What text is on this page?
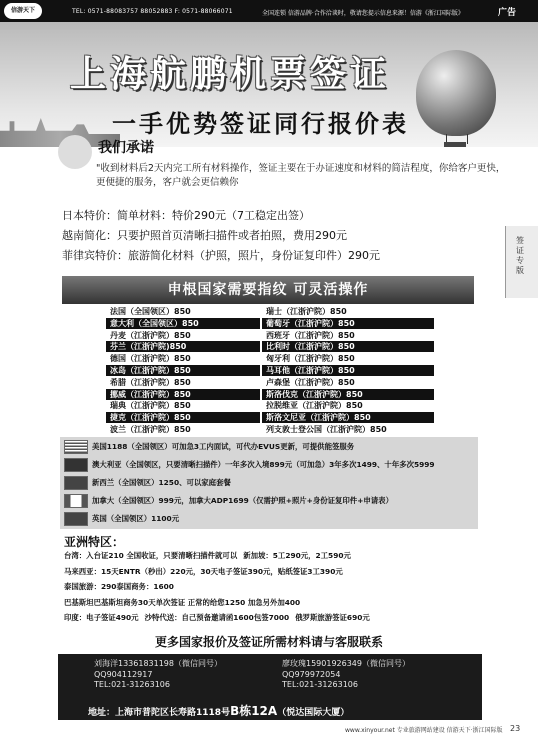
信游天下	TEL: 0571-88083757 88052883 F: 0571-88066071	全国连锁 信游品牌·合作洽谈时，敬请您提示信息来源！信游《浙江国际版》	广告
上海航鹏机票签证
一手优势签证同行报价表
我们承诺
"收到材料后2天内完工所有材料操作，签证主要在于办证速度和材料的简洁程度，你给客户更快，更便捷的服务，客户就会更信赖你
日本特价：简单材料：特价290元（7工稳定出签）
越南简化：只要护照首页清晰扫描件或者拍照，费用290元
菲律宾特价：旅游简化材料（护照，照片，身份证复印件）290元
签证专版
申根国家需要指纹 可灵活操作
法国（全国领区）850	瑞士（江浙沪院）850
意大利（全国领区）850	葡萄牙（江浙沪院）850
丹麦（江浙沪院）850	西班牙（江浙沪院）850
芬兰（江浙沪院)850	比利时（江浙沪院）850
德国（江浙沪院）850	匈牙利（江浙沪院）850
冰岛（江浙沪院）850	马耳他（江浙沪院）850
希腊（江浙沪院）850	卢森堡（江浙沪院）850
挪威（江浙沪院）850	斯洛伐克（江浙沪院）850
瑞典（江浙沪院）850	拉脱维亚（江浙沪院）850
捷克（江浙沪院）850	斯洛文尼亚（江浙沪院）850
波兰（江浙沪院）850	列支敦士登公国（江浙沪院）850
美国1188（全国领区）可加急3工内面试，可代办EVUS更新，可提供能签服务
澳大利亚（全国领区，只要清晰扫描件）一年多次入境899元（可加急）3年多次1499、十年多次5999
新西兰（全国领区）1250、可以家庭套餐
加拿大（全国领区）999元，加拿大ADP1699（仅需护照+照片+身份证复印件+申请表）
英国（全国领区）1100元
亚洲特区：
台湾：入台证210 全国收证，只要清晰扫描件就可以 新加坡：5工290元，2工590元
马来西亚：15天ENTR（秒出）220元，30天电子签证390元，贴纸签证3工390元
泰国旅游：290泰国商务：1600
巴基斯坦巴基斯坦商务30天单次签证 正常的给您1250 加急另外加400
印度：电子签证490元 沙特代送：自己预备邀请函1600包签7000 俄罗斯旅游签证690元
更多国家报价及签证所需材料请与客服联系
刘海洋13361831198（微信同号）
QQ904112917
TEL:021-31263106
廖玫瑰15901926349（微信同号）
QQ979972054
TEL:021-31263106
地址：上海市普陀区长寿路1118号B栋12A（悦达国际大厦）
www.xinyour.net 专业旅游网站建设 信游天下·浙江国际版 23
